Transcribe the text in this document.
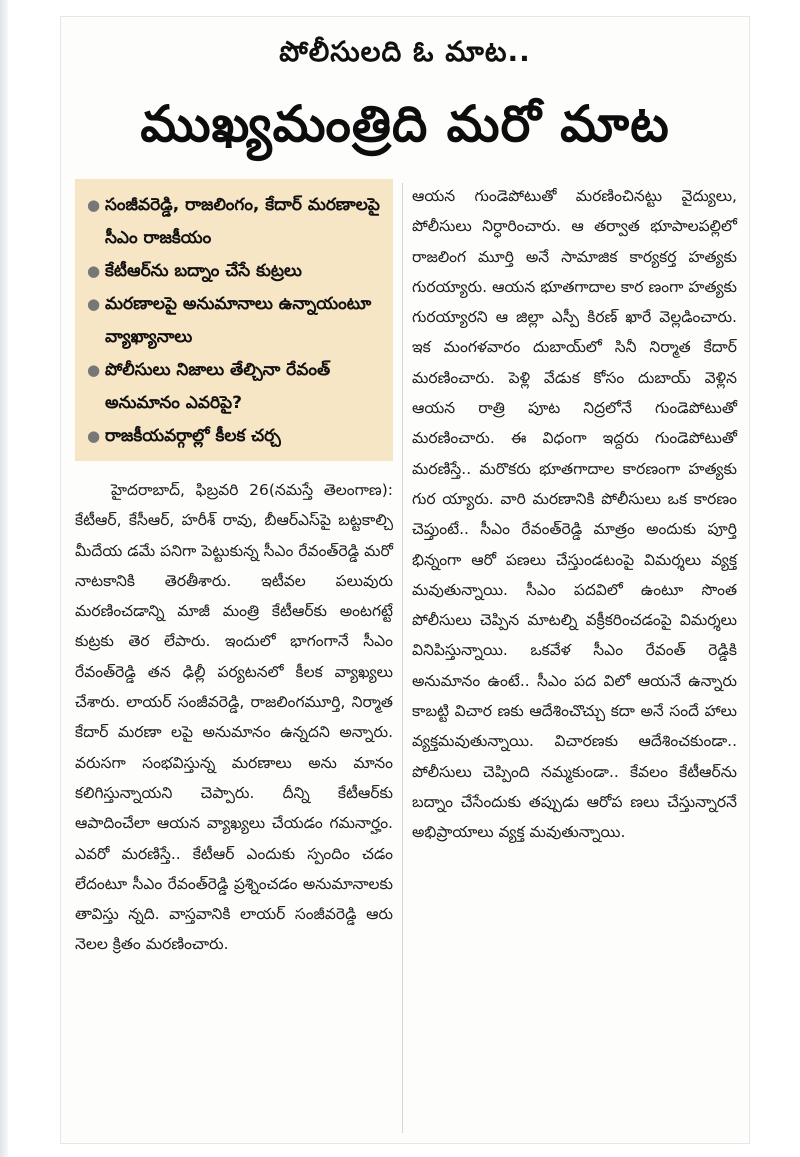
పోలీసులది ఓ మాట..
ముఖ్యమంత్రిది మరో మాట
● సంజీవరెడ్డి, రాజలింగం, కేదార్ మరణాలపై సీఎం రాజకీయం
● కేటీఆర్‌ను బద్నాం చేసే కుట్రలు
● మరణాలపై అనుమానాలు ఉన్నాయంటూ వ్యాఖ్యానాలు
● పోలీసులు నిజాలు తేల్చినా రేవంత్ అనుమానం ఎవరిపై?
● రాజకీయవర్గాల్లో కీలక చర్చ

హైదరాబాద్, ఫిబ్రవరి 26(నమస్తే తెలంగాణ): కేటీఆర్, కేసీఆర్, హరీశ్ రావు, బీఆర్‌ఎస్‌పై బట్టకాల్చి మీదేయ డమే పనిగా పెట్టుకున్న సీఎం రేవంత్‌రెడ్డి మరో నాటకానికి తెరతీశారు. ఇటీవల పలువురు మరణించడాన్ని మాజీ మంత్రి కేటీఆర్‌కు అంటగట్టే కుట్రకు తెర లేపారు. ఇందులో భాగంగానే సీఎం రేవంత్‌రెడ్డి తన ఢిల్లీ పర్యటనలో కీలక వ్యాఖ్యలు చేశారు. లాయర్ సంజీవరెడ్డి, రాజలింగమూర్తి, నిర్మాత కేదార్ మరణా లపై అనుమానం ఉన్నదని అన్నారు. వరుసగా సంభవిస్తున్న మరణాలు అను మానం కలిగిస్తున్నాయని చెప్పారు. దీన్ని కేటీఆర్‌కు ఆపాదించేలా ఆయన వ్యాఖ్యలు చేయడం గమనార్హం. ఎవరో మరణిస్తే.. కేటీఆర్ ఎందుకు స్పందిం చడం లేదంటూ సీఎం రేవంత్‌రెడ్డి ప్రశ్నించడం అనుమానాలకు తావిస్తు న్నది. వాస్తవానికి లాయర్ సంజీవరెడ్డి ఆరు నెలల క్రితం మరణించారు.

ఆయన గుండెపోటుతో మరణించినట్టు వైద్యులు, పోలీసులు నిర్ధారించారు. ఆ తర్వాత భూపాలపల్లిలో రాజలింగ మూర్తి అనే సామాజిక కార్యకర్త హత్యకు గురయ్యారు. ఆయన భూతగాదాల కార ణంగా హత్యకు గురయ్యారని ఆ జిల్లా ఎస్పీ కిరణ్ ఖారే వెల్లడించారు. ఇక మంగళవారం దుబాయ్‌లో సినీ నిర్మాత కేదార్ మరణించారు. పెళ్లి వేడుక కోసం దుబాయ్ వెళ్లిన ఆయన రాత్రి పూట నిద్రలోనే గుండెపోటుతో మరణించారు. ఈ విధంగా ఇద్దరు గుండెపోటుతో మరణిస్తే.. మరొకరు భూతగాదాల కారణంగా హత్యకు గుర య్యారు. వారి మరణానికి పోలీసులు ఒక కారణం చెప్తుంటే.. సీఎం రేవంత్‌రెడ్డి మాత్రం అందుకు పూర్తి భిన్నంగా ఆరో పణలు చేస్తుండటంపై విమర్శలు వ్యక్త మవుతున్నాయి. సీఎం పదవిలో ఉంటూ సొంత పోలీసులు చెప్పిన మాటల్ని వక్రీకరించడంపై విమర్శలు వినిపిస్తున్నాయి. ఒకవేళ సీఎం రేవంత్ రెడ్డికి అనుమానం ఉంటే.. సీఎం పద విలో ఆయనే ఉన్నారు కాబట్టి విచార ణకు ఆదేశించొచ్చు కదా అనే సందే హాలు వ్యక్తమవుతున్నాయి. విచారణకు ఆదేశించకుండా.. పోలీసులు చెప్పింది నమ్మకుండా.. కేవలం కేటీఆర్‌ను బద్నాం చేసేందుకు తప్పుడు ఆరోప ణలు చేస్తున్నారనే అభిప్రాయాలు వ్యక్త మవుతున్నాయి.
